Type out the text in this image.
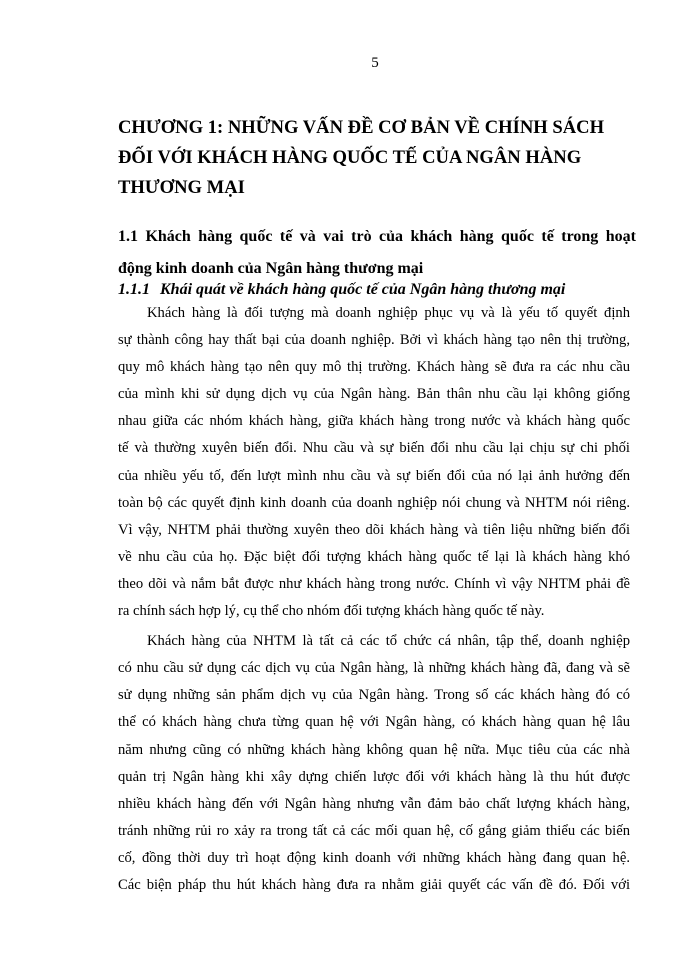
5
CHƯƠNG 1: NHỮNG VẤN ĐỀ CƠ BẢN VỀ CHÍNH SÁCH
ĐỐI VỚI KHÁCH HÀNG QUỐC TẾ CỦA NGÂN HÀNG
THƯƠNG MẠI
1.1 Khách hàng quốc tế và vai trò của khách hàng quốc tế trong hoạt
động kinh doanh của Ngân hàng thương mại
1.1.1 Khái quát về khách hàng quốc tế của Ngân hàng thương mại
Khách hàng là đối tượng mà doanh nghiệp phục vụ và là yếu tố quyết định
sự thành công hay thất bại của doanh nghiệp. Bởi vì khách hàng tạo nên thị trường,
quy mô khách hàng tạo nên quy mô thị trường. Khách hàng sẽ đưa ra các nhu cầu
của mình khi sử dụng dịch vụ của Ngân hàng. Bản thân nhu cầu lại không giống
nhau giữa các nhóm khách hàng, giữa khách hàng trong nước và khách hàng quốc
tế và thường xuyên biến đổi. Nhu cầu và sự biến đổi nhu cầu lại chịu sự chi phối
của nhiều yếu tố, đến lượt mình nhu cầu và sự biến đổi của nó lại ảnh hưởng đến
toàn bộ các quyết định kinh doanh của doanh nghiệp nói chung và NHTM nói riêng.
Vì vậy, NHTM phải thường xuyên theo dõi khách hàng và tiên liệu những biến đổi
về nhu cầu của họ. Đặc biệt đối tượng khách hàng quốc tế lại là khách hàng khó
theo dõi và nắm bắt được như khách hàng trong nước. Chính vì vậy NHTM phải đề
ra chính sách hợp lý, cụ thể cho nhóm đối tượng khách hàng quốc tế này.
Khách hàng của NHTM là tất cả các tổ chức cá nhân, tập thể, doanh nghiệp
có nhu cầu sử dụng các dịch vụ của Ngân hàng, là những khách hàng đã, đang và sẽ
sử dụng những sản phẩm dịch vụ của Ngân hàng. Trong số các khách hàng đó có
thể có khách hàng chưa từng quan hệ với Ngân hàng, có khách hàng quan hệ lâu
năm nhưng cũng có những khách hàng không quan hệ nữa. Mục tiêu của các nhà
quản trị Ngân hàng khi xây dựng chiến lược đối với khách hàng là thu hút được
nhiều khách hàng đến với Ngân hàng nhưng vẫn đảm bảo chất lượng khách hàng,
tránh những rủi ro xảy ra trong tất cả các mối quan hệ, cố gắng giảm thiểu các biến
cố, đồng thời duy trì hoạt động kinh doanh với những khách hàng đang quan hệ.
Các biện pháp thu hút khách hàng đưa ra nhằm giải quyết các vấn đề đó. Đối với
